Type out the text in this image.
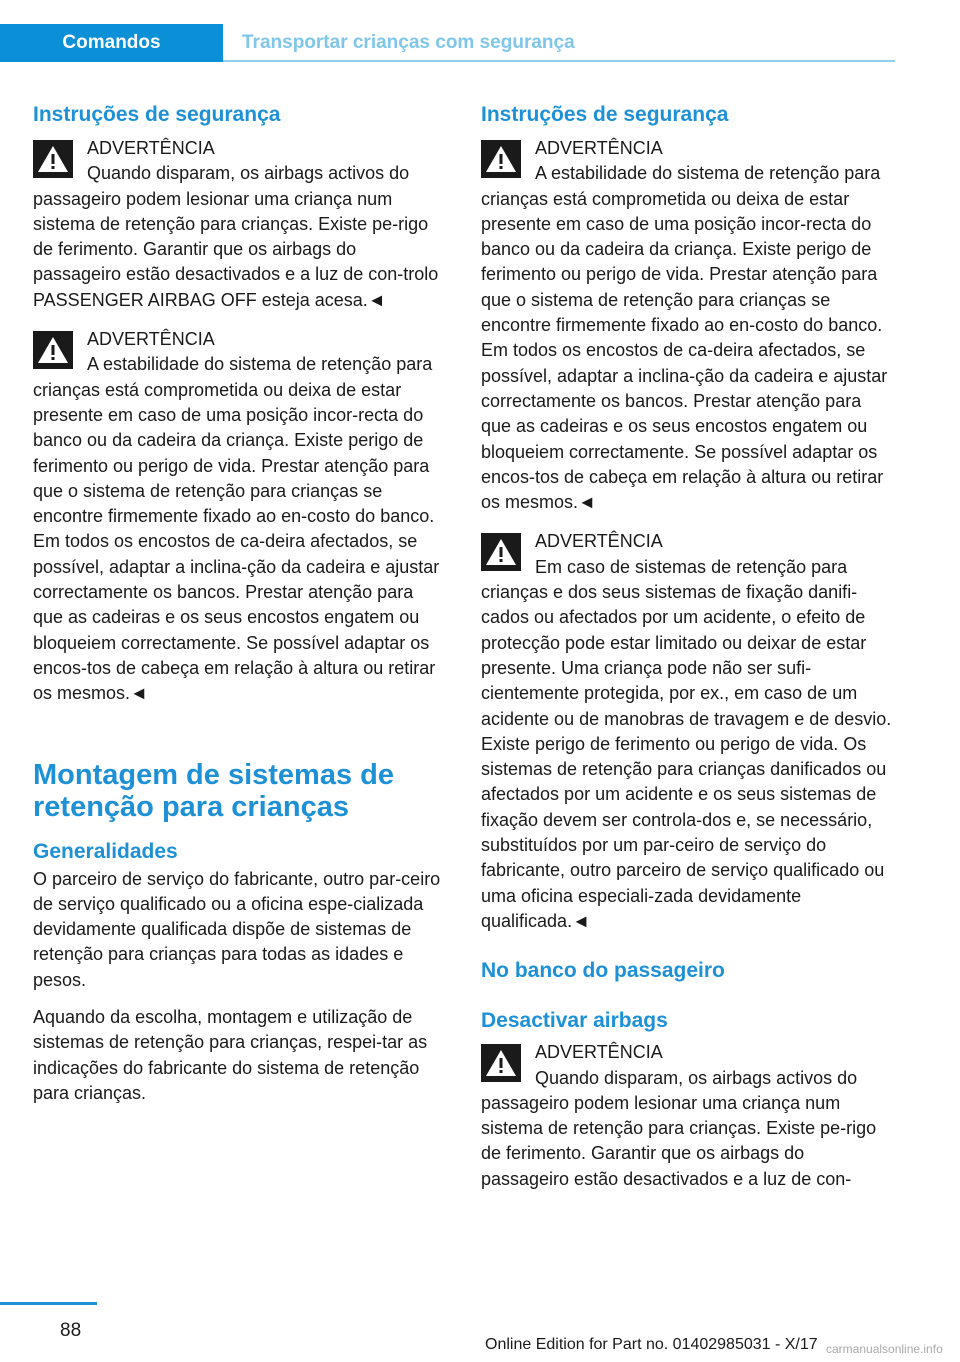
Comandos	Transportar crianças com segurança
Instruções de segurança
ADVERTÊNCIA
Quando disparam, os airbags activos do passageiro podem lesionar uma criança num sistema de retenção para crianças. Existe pe-rigo de ferimento. Garantir que os airbags do passageiro estão desactivados e a luz de con-trolo PASSENGER AIRBAG OFF esteja acesa.◄
ADVERTÊNCIA
A estabilidade do sistema de retenção para crianças está comprometida ou deixa de estar presente em caso de uma posição incor-recta do banco ou da cadeira da criança. Existe perigo de ferimento ou perigo de vida. Prestar atenção para que o sistema de retenção para crianças se encontre firmemente fixado ao en-costo do banco. Em todos os encostos de ca-deira afectados, se possível, adaptar a inclina-ção da cadeira e ajustar correctamente os bancos. Prestar atenção para que as cadeiras e os seus encostos engatem ou bloqueiem correctamente. Se possível adaptar os encos-tos de cabeça em relação à altura ou retirar os mesmos.◄
Montagem de sistemas de retenção para crianças
Generalidades

O parceiro de serviço do fabricante, outro par-ceiro de serviço qualificado ou a oficina espe-cializada devidamente qualificada dispõe de sistemas de retenção para crianças para todas as idades e pesos.

Aquando da escolha, montagem e utilização de sistemas de retenção para crianças, respei-tar as indicações do fabricante do sistema de retenção para crianças.

Instruções de segurança
ADVERTÊNCIA
A estabilidade do sistema de retenção para crianças está comprometida ou deixa de estar presente em caso de uma posição incor-recta do banco ou da cadeira da criança. Existe perigo de ferimento ou perigo de vida. Prestar atenção para que o sistema de retenção para crianças se encontre firmemente fixado ao en-costo do banco. Em todos os encostos de ca-deira afectados, se possível, adaptar a inclina-ção da cadeira e ajustar correctamente os bancos. Prestar atenção para que as cadeiras e os seus encostos engatem ou bloqueiem correctamente. Se possível adaptar os encos-tos de cabeça em relação à altura ou retirar os mesmos.◄
ADVERTÊNCIA
Em caso de sistemas de retenção para crianças e dos seus sistemas de fixação danifi-cados ou afectados por um acidente, o efeito de protecção pode estar limitado ou deixar de estar presente. Uma criança pode não ser sufi-cientemente protegida, por ex., em caso de um acidente ou de manobras de travagem e de desvio. Existe perigo de ferimento ou perigo de vida. Os sistemas de retenção para crianças danificados ou afectados por um acidente e os seus sistemas de fixação devem ser controla-dos e, se necessário, substituídos por um par-ceiro de serviço do fabricante, outro parceiro de serviço qualificado ou uma oficina especiali-zada devidamente qualificada.◄
No banco do passageiro
Desactivar airbags
ADVERTÊNCIA
Quando disparam, os airbags activos do passageiro podem lesionar uma criança num sistema de retenção para crianças. Existe pe-rigo de ferimento. Garantir que os airbags do passageiro estão desactivados e a luz de con-
88
Online Edition for Part no. 01402985031 - X/17 carmanualsonline.info
